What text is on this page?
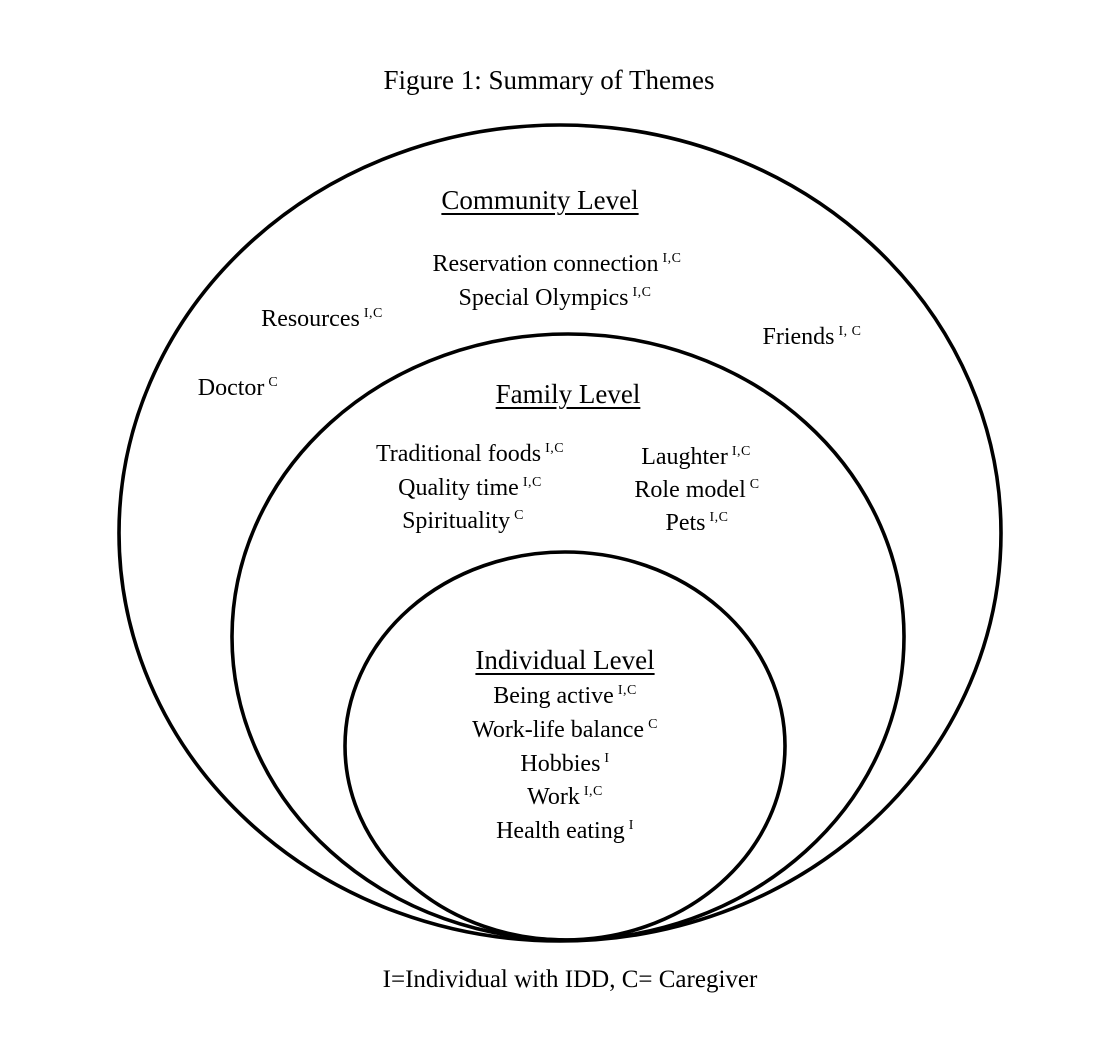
Figure 1: Summary of Themes
Community Level
Reservation connection $^{I,C}$
Special Olympics $^{I,C}$
Resources $^{I,C}$
Friends $^{I, C}$
Doctor $^C$	Family Level
Traditional foods $^{I,C}$
Quality time $^{I,C}$
Spirituality $^C$
Laughter $^{I,C}$
Role model $^C$
Pets $^{I,C}$
Individual Level
Being active $^{I,C}$
Work-life balance $^C$
Hobbies $^I$
Work $^{I,C}$
Health eating $^I$
I=Individual with IDD, C= Caregiver
